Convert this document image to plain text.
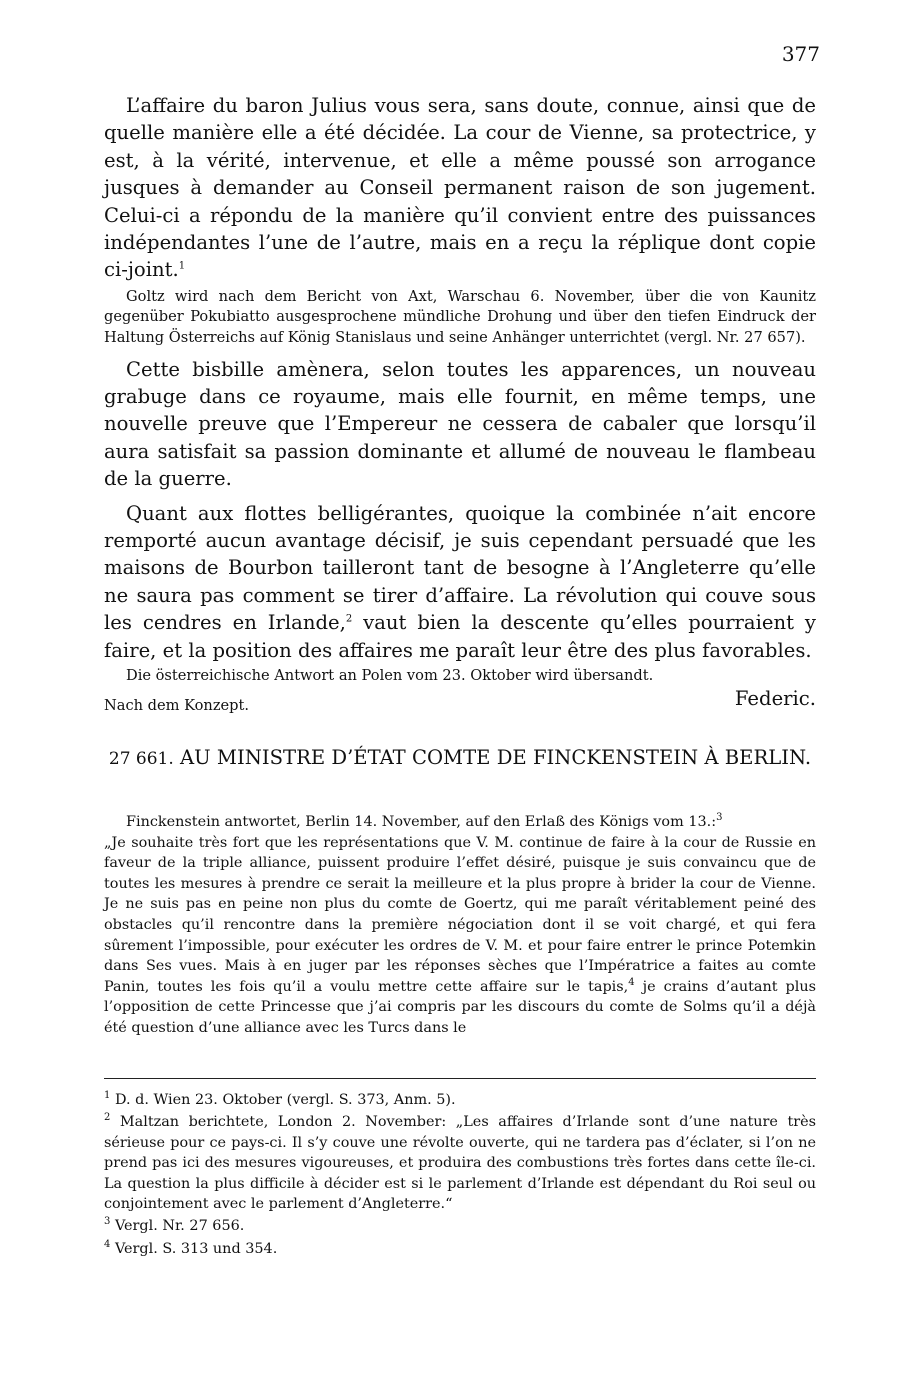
377

L’affaire du baron Julius vous sera, sans doute, connue, ainsi que de quelle manière elle a été décidée. La cour de Vienne, sa protectrice, y est, à la vérité, intervenue, et elle a même poussé son arrogance jusques à demander au Conseil permanent raison de son jugement. Celui-ci a répondu de la manière qu’il convient entre des puissances indépendantes l’une de l’autre, mais en a reçu la réplique dont copie ci-joint.$^1$

Goltz wird nach dem Bericht von Axt, Warschau 6. November, über die von Kaunitz gegenüber Pokubiatto ausgesprochene mündliche Drohung und über den tiefen Eindruck der Haltung Österreichs auf König Stanislaus und seine Anhänger unterrichtet (vergl. Nr. 27 657).

Cette bisbille amènera, selon toutes les apparences, un nouveau grabuge dans ce royaume, mais elle fournit, en même temps, une nouvelle preuve que l’Empereur ne cessera de cabaler que lorsqu’il aura satisfait sa passion dominante et allumé de nouveau le flambeau de la guerre.

Quant aux flottes belligérantes, quoique la combinée n’ait encore remporté aucun avantage décisif, je suis cependant persuadé que les maisons de Bourbon tailleront tant de besogne à l’Angleterre qu’elle ne saura pas comment se tirer d’affaire. La révolution qui couve sous les cendres en Irlande,$^2$ vaut bien la descente qu’elles pourraient y faire, et la position des affaires me paraît leur être des plus favorables.

Die österreichische Antwort an Polen vom 23. Oktober wird übersandt.

Federic.

Nach dem Konzept.

27 661. AU MINISTRE D’ÉTAT COMTE DE FINCKENSTEIN À BERLIN.

Finckenstein antwortet, Berlin 14. November, auf den Erlaß des Königs vom 13.:$^3$

„Je souhaite très fort que les représentations que V. M. continue de faire à la cour de Russie en faveur de la triple alliance, puissent produire l’effet désiré, puisque je suis convaincu que de toutes les mesures à prendre ce serait la meilleure et la plus propre à brider la cour de Vienne. Je ne suis pas en peine non plus du comte de Goertz, qui me paraît véritablement peiné des obstacles qu’il rencontre dans la première négociation dont il se voit chargé, et qui fera sûrement l’impossible, pour exécuter les ordres de V. M. et pour faire entrer le prince Potemkin dans Ses vues. Mais à en juger par les réponses sèches que l’Impératrice a faites au comte Panin, toutes les fois qu’il a voulu mettre cette affaire sur le tapis,$^4$ je crains d’autant plus l’opposition de cette Princesse que j’ai compris par les discours du comte de Solms qu’il a déjà été question d’une alliance avec les Turcs dans le

$^1$ D. d. Wien 23. Oktober (vergl. S. 373, Anm. 5).

$^2$ Maltzan berichtete, London 2. November: „Les affaires d’Irlande sont d’une nature très sérieuse pour ce pays-ci. Il s’y couve une révolte ouverte, qui ne tardera pas d’éclater, si l’on ne prend pas ici des mesures vigoureuses, et produira des combustions très fortes dans cette île-ci. La question la plus difficile à décider est si le parlement d’Irlande est dépendant du Roi seul ou conjointement avec le parlement d’Angleterre.“

$^3$ Vergl. Nr. 27 656.

$^4$ Vergl. S. 313 und 354.
